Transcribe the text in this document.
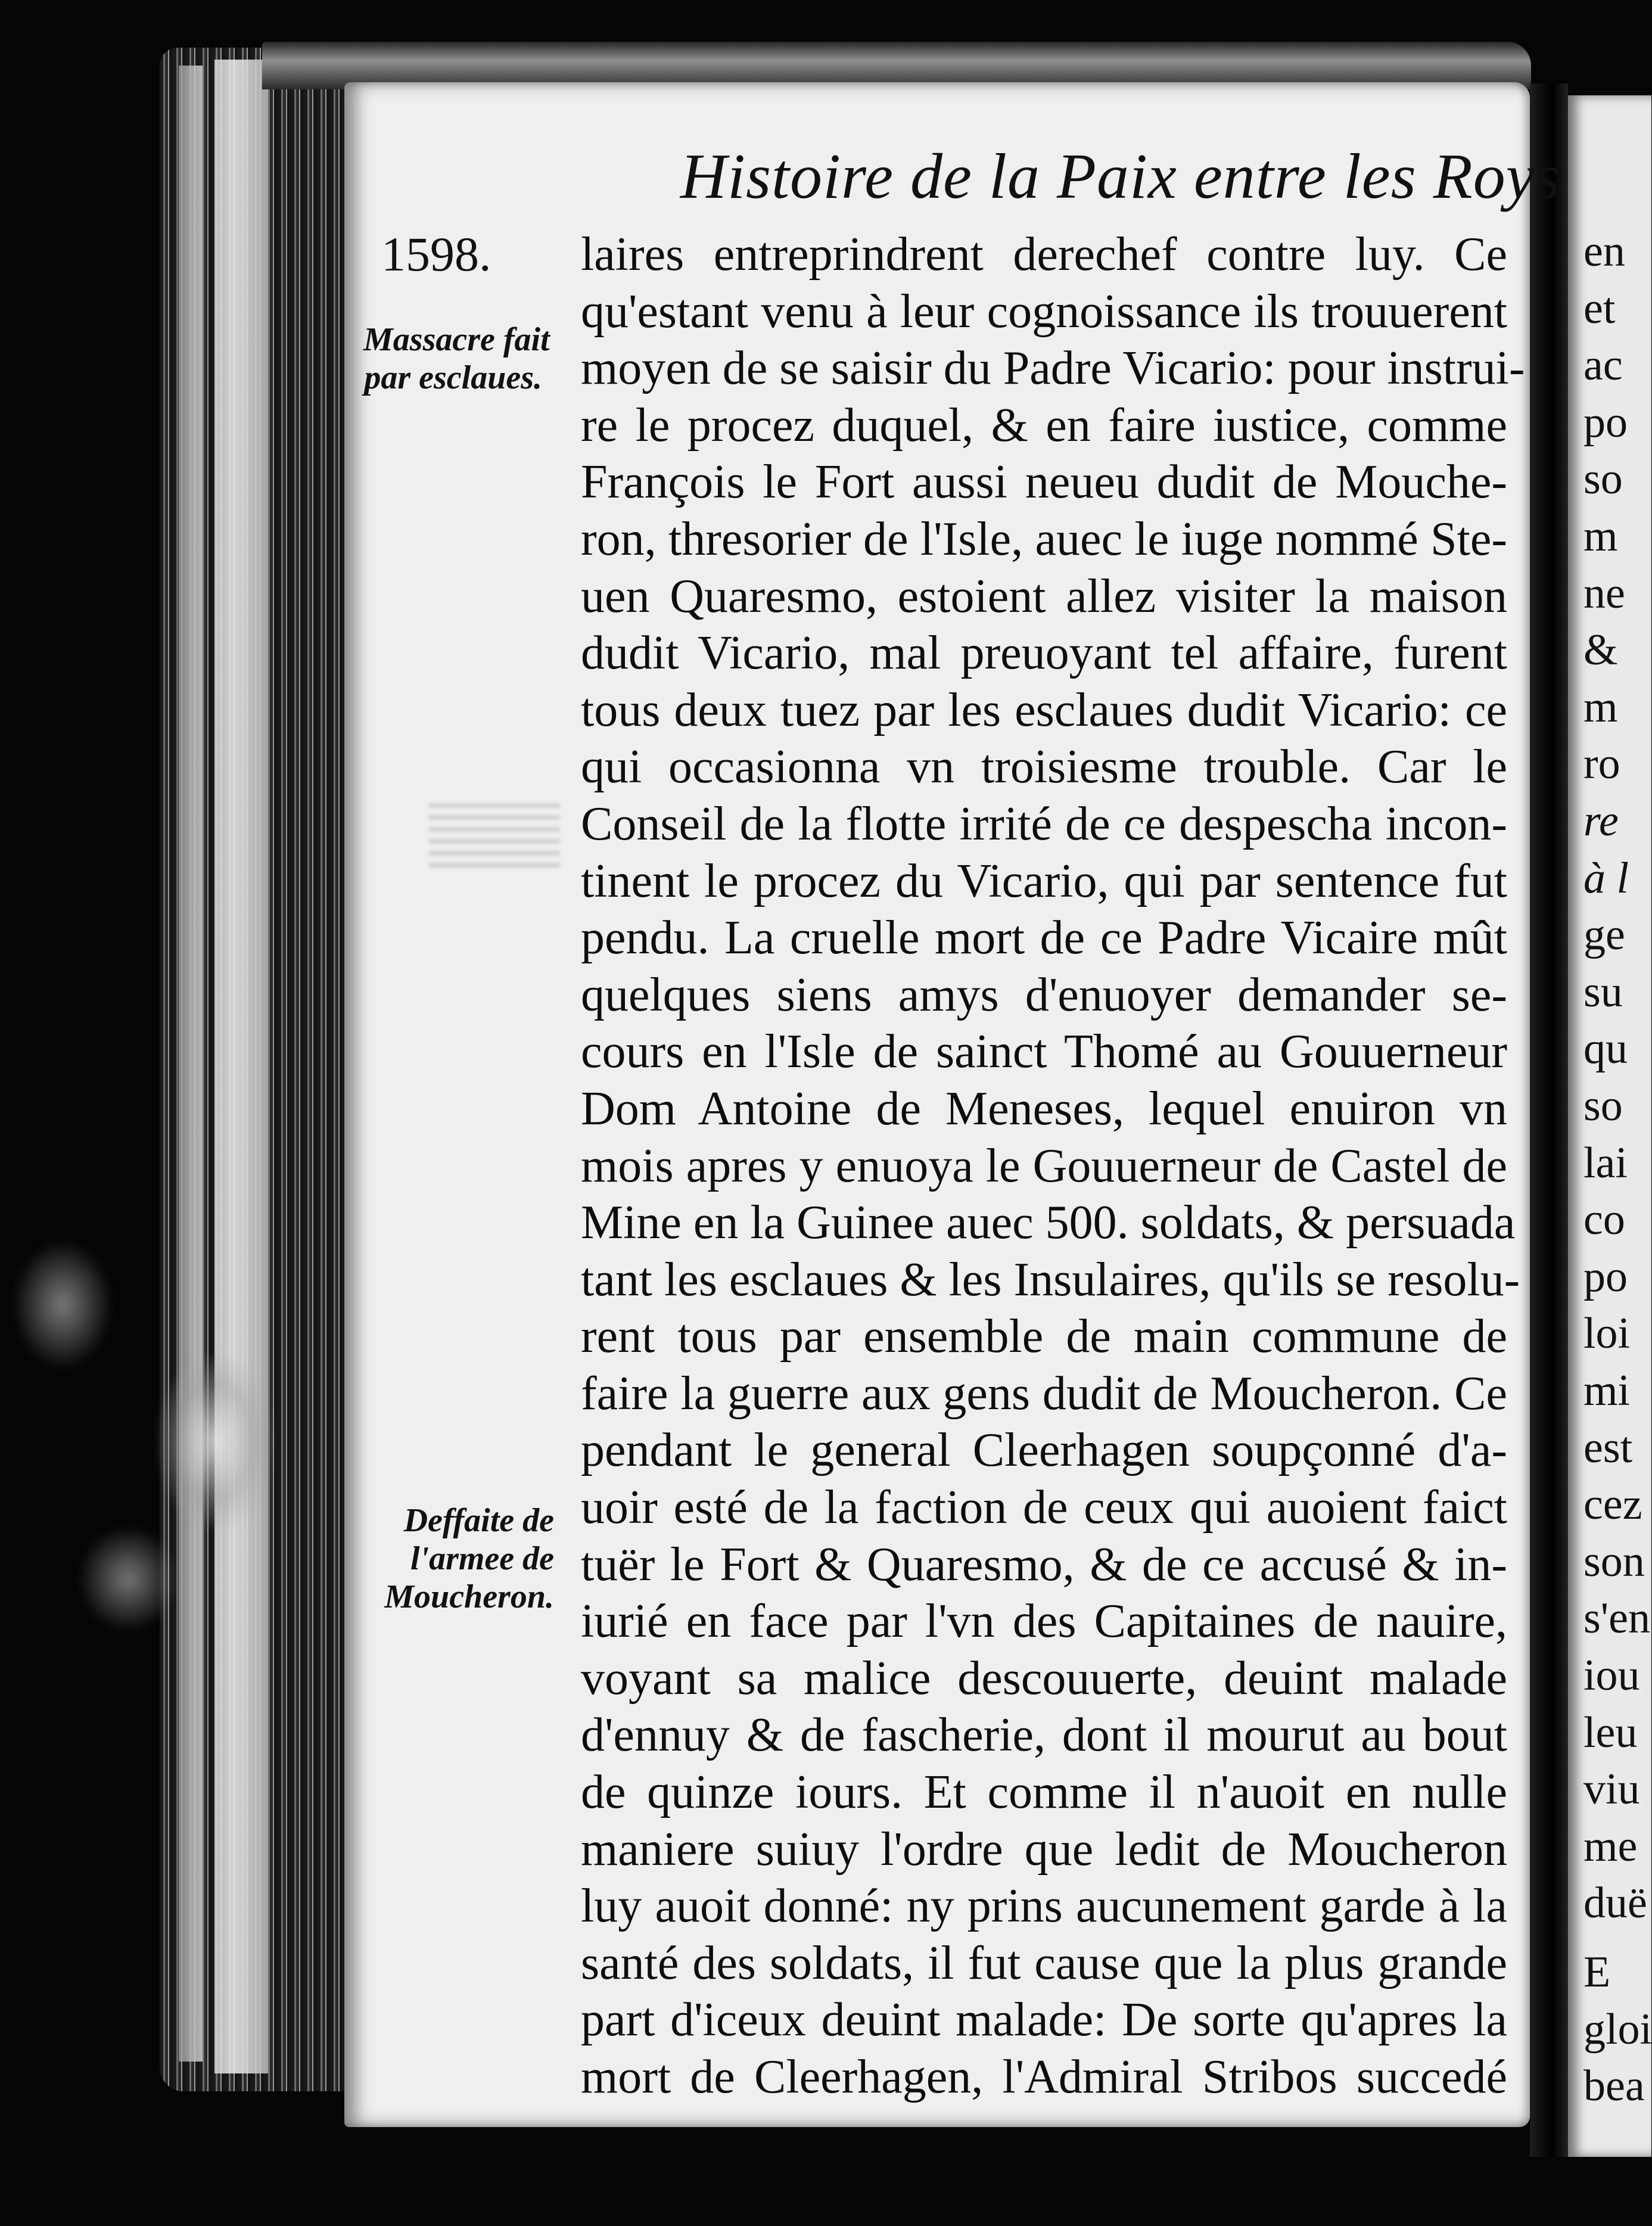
en
et
ac
po
so
m
ne
&
m
ro
re
à l
ge
su
qu
so
lai
co
po
loi
mi
est
cez
son
s'en
iou
leu
viu
me
duë
E
gloi
bea
Histoire de la Paix entre les Roys
1598.
Massacre fait
par esclaues.
Deffaite de
l'armee de
Moucheron.
laires entreprindrent derechef contre luy. Ce
qu'estant venu à leur cognoissance ils trouuerent
moyen de se saisir du Padre Vicario: pour instrui-
re le procez duquel, & en faire iustice, comme
François le Fort aussi neueu dudit de Mouche-
ron, thresorier de l'Isle, auec le iuge nommé Ste-
uen Quaresmo, estoient allez visiter la maison
dudit Vicario, mal preuoyant tel affaire, furent
tous deux tuez par les esclaues dudit Vicario: ce
qui occasionna vn troisiesme trouble. Car le
Conseil de la flotte irrité de ce despescha incon-
tinent le procez du Vicario, qui par sentence fut
pendu. La cruelle mort de ce Padre Vicaire mût
quelques siens amys d'enuoyer demander se-
cours en l'Isle de sainct Thomé au Gouuerneur
Dom Antoine de Meneses, lequel enuiron vn
mois apres y enuoya le Gouuerneur de Castel de
Mine en la Guinee auec 500. soldats, & persuada
tant les esclaues & les Insulaires, qu'ils se resolu-
rent tous par ensemble de main commune de
faire la guerre aux gens dudit de Moucheron. Ce
pendant le general Cleerhagen soupçonné d'a-
uoir esté de la faction de ceux qui auoient faict
tuër le Fort & Quaresmo, & de ce accusé & in-
iurié en face par l'vn des Capitaines de nauire,
voyant sa malice descouuerte, deuint malade
d'ennuy & de fascherie, dont il mourut au bout
de quinze iours. Et comme il n'auoit en nulle
maniere suiuy l'ordre que ledit de Moucheron
luy auoit donné: ny prins aucunement garde à la
santé des soldats, il fut cause que la plus grande
part d'iceux deuint malade: De sorte qu'apres la
mort de Cleerhagen, l'Admiral Stribos succedé
